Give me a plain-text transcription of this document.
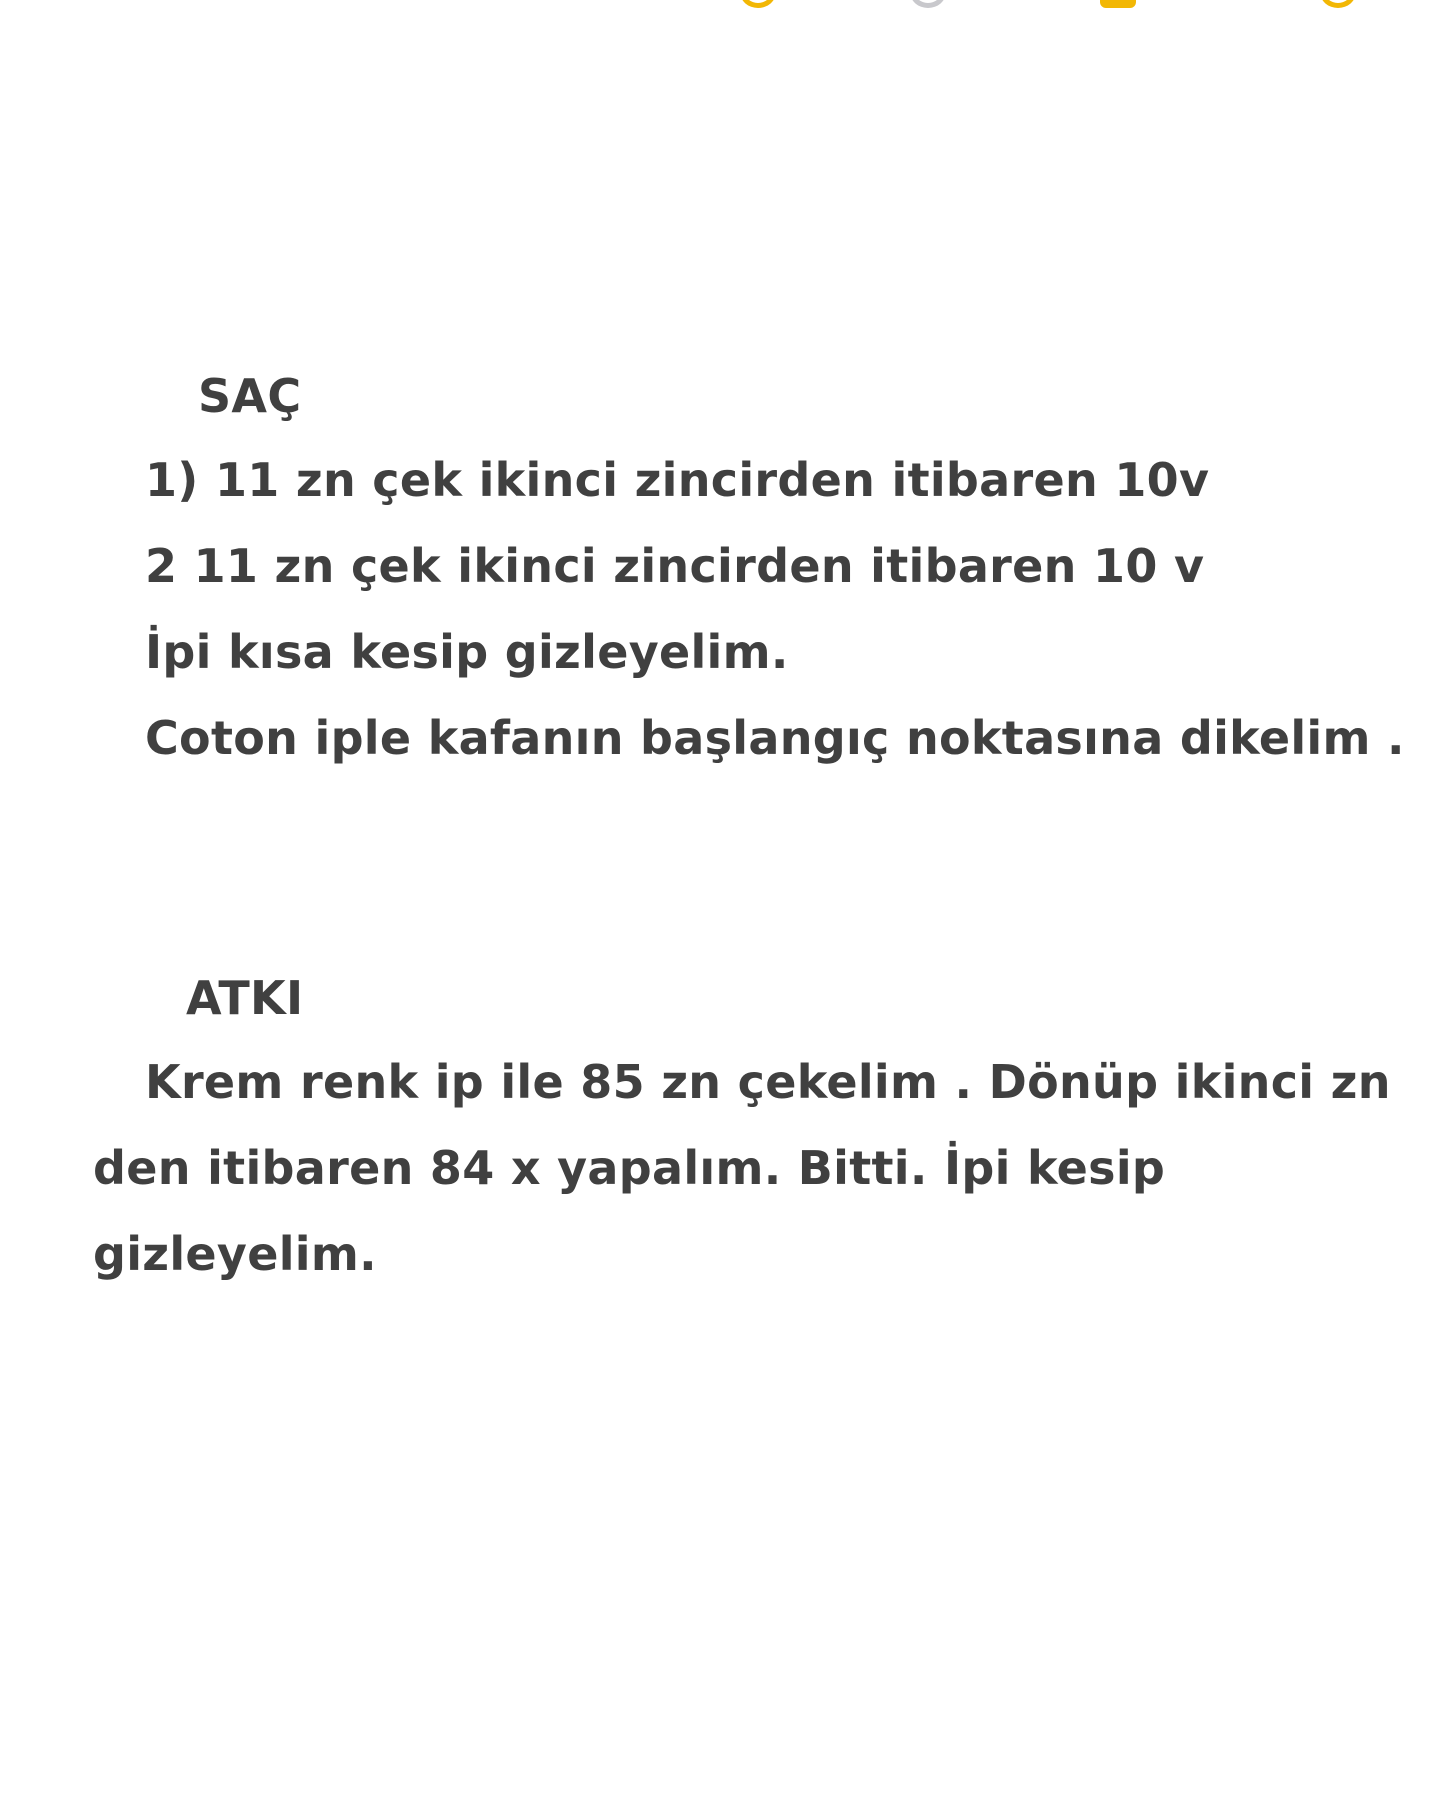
SAÇ
1) 11 zn çek ikinci zincirden itibaren 10v
2 11 zn çek ikinci zincirden itibaren 10 v
İpi kısa kesip gizleyelim.
Coton iple kafanın başlangıç noktasına dikelim .
ATKI
Krem renk ip ile 85 zn çekelim . Dönüp ikinci zn
den itibaren 84 x yapalım. Bitti. İpi kesip
gizleyelim.
